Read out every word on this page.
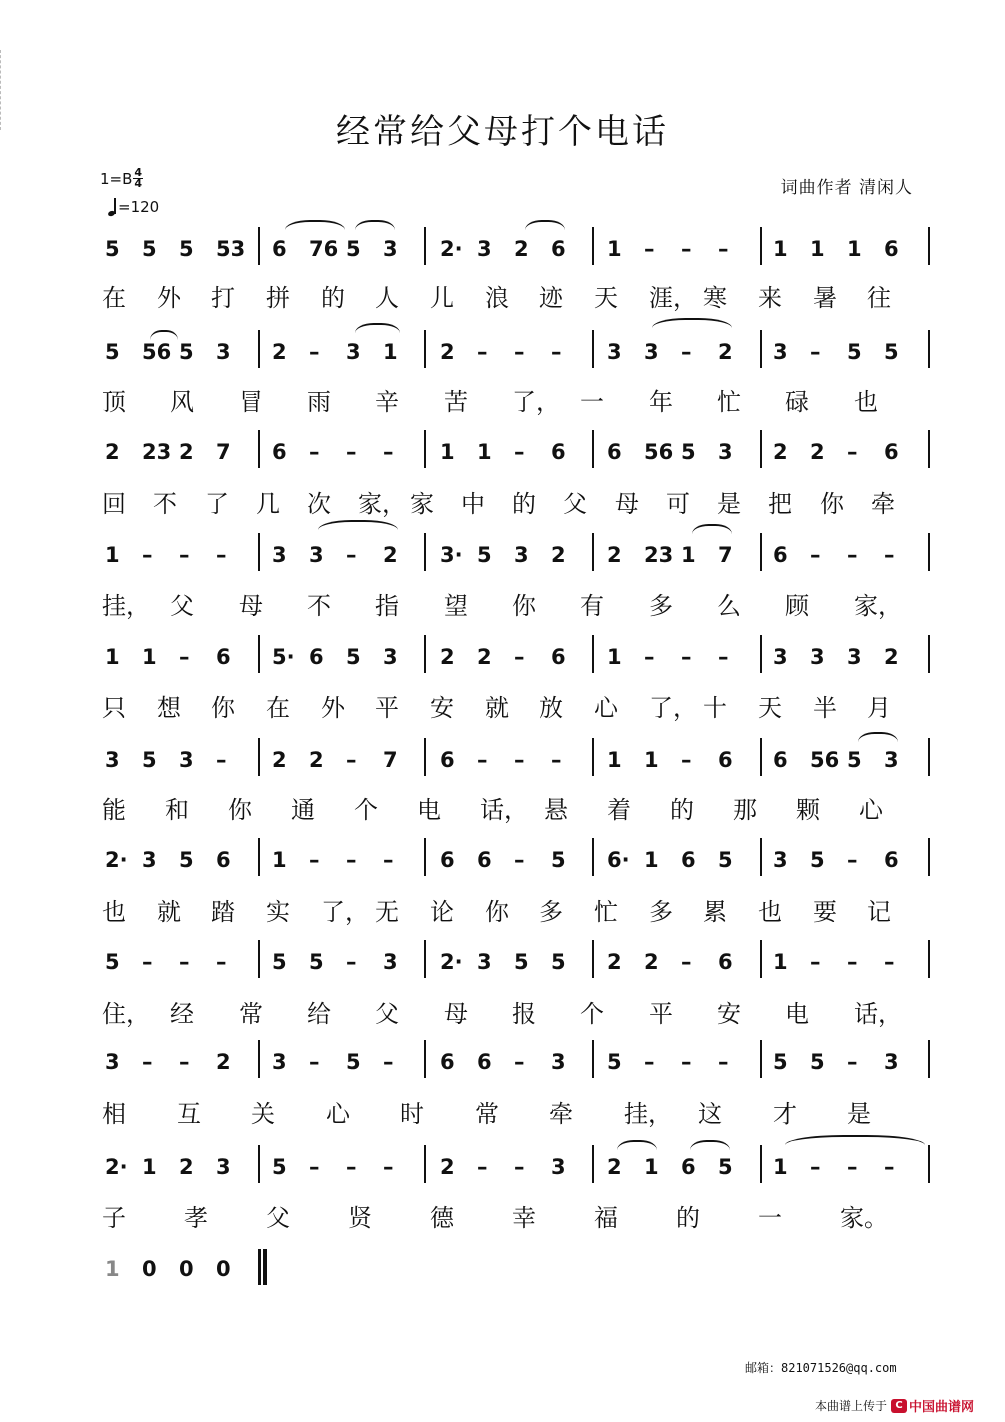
经常给父母打个电话
$1=B \frac{4}{4}$
=120
词曲作者 清闲人
5 5 5 53 6 76 5 3 2· 3 2 6 1 – – – 1 1 1 6
在 外 打 拼 的 人 儿 浪 迹 天 涯， 寒 来 暑 往
5 56 5 3 2 – 3 1 2 – – – 3 3 – 2 3 – 5 5
顶 风 冒 雨 辛 苦 了， 一 年 忙 碌 也
2 23 2 7 6 – – – 1 1 – 6 6 56 5 3 2 2 – 6
回 不 了 几 次 家， 家 中 的 父 母 可 是 把 你 牵
1 – – – 3 3 – 2 3· 5 3 2 2 23 1 7 6 – – –
挂， 父 母 不 指 望 你 有 多 么 顾 家，
1 1 – 6 5· 6 5 3 2 2 – 6 1 – – – 3 3 3 2
只 想 你 在 外 平 安 就 放 心 了， 十 天 半 月
3 5 3 – 2 2 – 7 6 – – – 1 1 – 6 6 56 5 3
能 和 你 通 个 电 话， 悬 着 的 那 颗 心
2· 3 5 6 1 – – – 6 6 – 5 6· 1 6 5 3 5 – 6
也 就 踏 实 了， 无 论 你 多 忙 多 累 也 要 记
5 – – – 5 5 – 3 2· 3 5 5 2 2 – 6 1 – – –
住， 经 常 给 父 母 报 个 平 安 电 话，
3 – – 2 3 – 5 – 6 6 – 3 5 – – – 5 5 – 3
相 互 关 心 时 常 牵 挂， 这 才 是
2· 1 2 3 5 – – – 2 – – 3 2 1 6 5 1 – – –
子 孝 父 贤 德 幸 福 的 一 家。
1 0 0 0
邮箱：821071526@qq.com
本曲谱上传于 C 中国曲谱网
